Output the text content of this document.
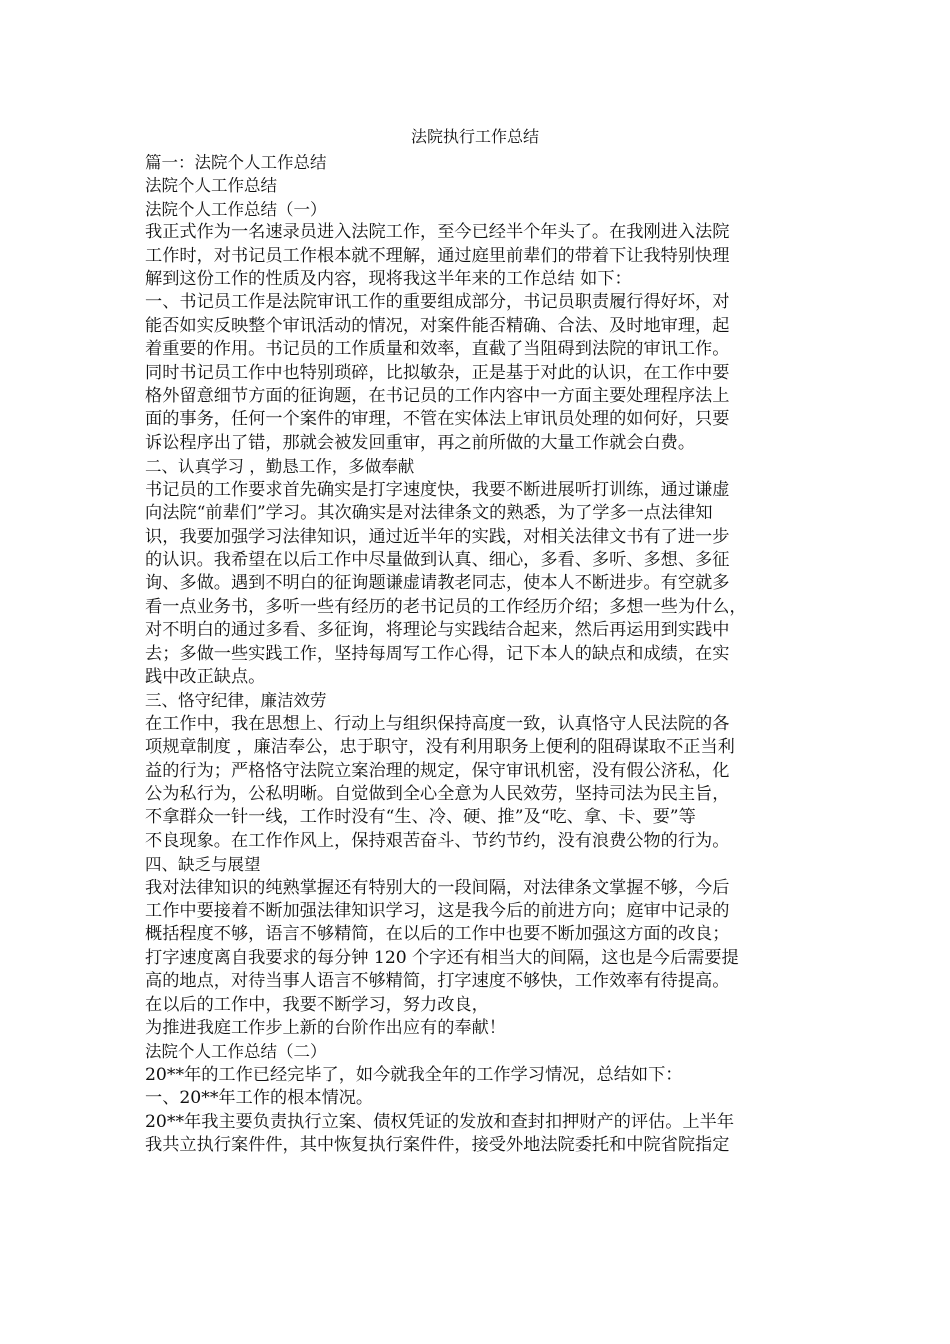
法院执行工作总结
篇一：法院个人工作总结
法院个人工作总结
法院个人工作总结（一）
我正式作为一名速录员进入法院工作，至今已经半个年头了。在我刚进入法院
工作时，对书记员工作根本就不理解，通过庭里前辈们的带着下让我特别快理
解到这份工作的性质及内容，现将我这半年来的工作总结 如下：
一、书记员工作是法院审讯工作的重要组成部分，书记员职责履行得好坏，对
能否如实反映整个审讯活动的情况，对案件能否精确、合法、及时地审理，起
着重要的作用。书记员的工作质量和效率，直截了当阻碍到法院的审讯工作。
同时书记员工作中也特别琐碎，比拟敏杂，正是基于对此的认识，在工作中要
格外留意细节方面的征询题，在书记员的工作内容中一方面主要处理程序法上
面的事务，任何一个案件的审理，不管在实体法上审讯员处理的如何好，只要
诉讼程序出了错，那就会被发回重审，再之前所做的大量工作就会白费。
二、认真学习 ，勤恳工作，多做奉献
书记员的工作要求首先确实是打字速度快，我要不断进展听打训练，通过谦虚
向法院“前辈们”学习。其次确实是对法律条文的熟悉，为了学多一点法律知
识，我要加强学习法律知识，通过近半年的实践，对相关法律文书有了进一步
的认识。我希望在以后工作中尽量做到认真、细心，多看、多听、多想、多征
询、多做。遇到不明白的征询题谦虚请教老同志，使本人不断进步。有空就多
看一点业务书，多听一些有经历的老书记员的工作经历介绍；多想一些为什么，
对不明白的通过多看、多征询，将理论与实践结合起来，然后再运用到实践中
去；多做一些实践工作，坚持每周写工作心得，记下本人的缺点和成绩，在实
践中改正缺点。
三、恪守纪律，廉洁效劳
在工作中，我在思想上、行动上与组织保持高度一致，认真恪守人民法院的各
项规章制度 ，廉洁奉公，忠于职守，没有利用职务上便利的阻碍谋取不正当利
益的行为；严格恪守法院立案治理的规定，保守审讯机密，没有假公济私，化
公为私行为，公私明晰。自觉做到全心全意为人民效劳，坚持司法为民主旨，
不拿群众一针一线，工作时没有“生、冷、硬、推”及“吃、拿、卡、要”等
不良现象。在工作作风上，保持艰苦奋斗、节约节约，没有浪费公物的行为。
四、缺乏与展望
我对法律知识的纯熟掌握还有特别大的一段间隔，对法律条文掌握不够，今后
工作中要接着不断加强法律知识学习，这是我今后的前进方向；庭审中记录的
概括程度不够，语言不够精简，在以后的工作中也要不断加强这方面的改良；
打字速度离自我要求的每分钟 120 个字还有相当大的间隔，这也是今后需要提
高的地点，对待当事人语言不够精简，打字速度不够快，工作效率有待提高。
在以后的工作中，我要不断学习，努力改良，
为推进我庭工作步上新的台阶作出应有的奉献！
法院个人工作总结（二）
20**年的工作已经完毕了，如今就我全年的工作学习情况，总结如下：
一、20**年工作的根本情况。
20**年我主要负责执行立案、债权凭证的发放和查封扣押财产的评估。上半年
我共立执行案件件，其中恢复执行案件件，接受外地法院委托和中院省院指定
